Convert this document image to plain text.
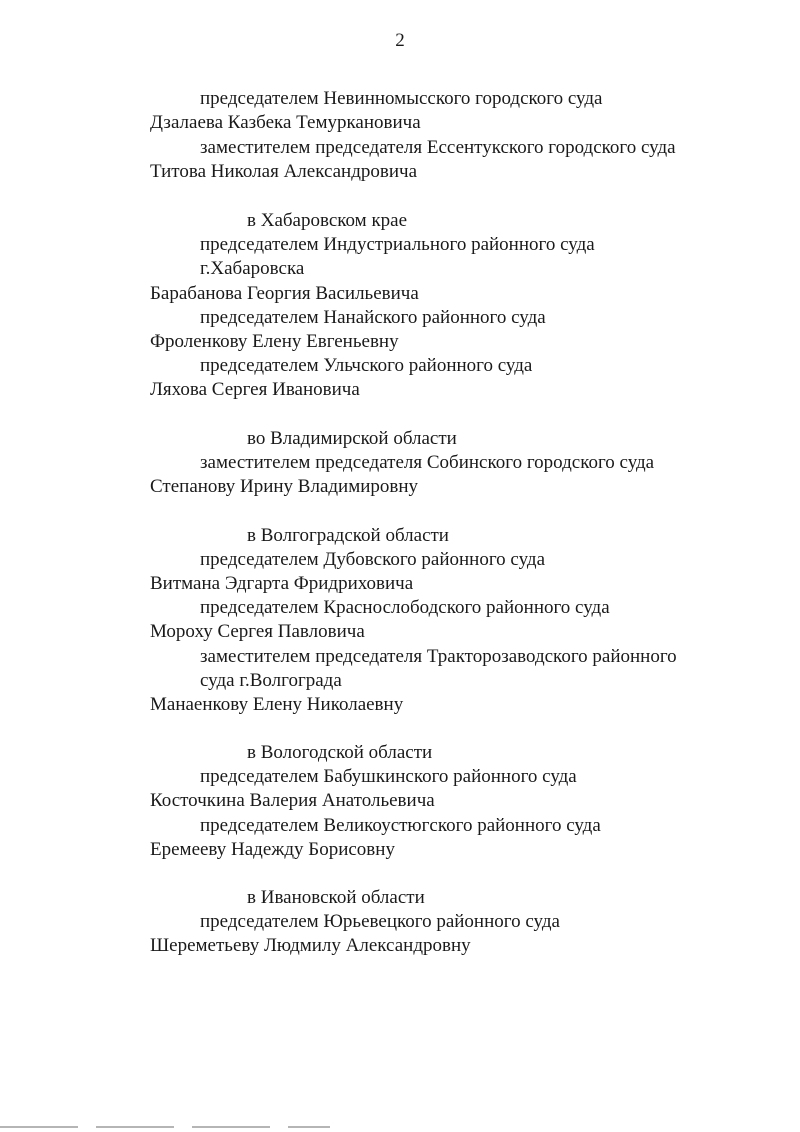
2
председателем Невинномысского городского суда
Дзалаева Казбека Темуркановича
заместителем председателя Ессентукского городского суда
Титова Николая Александровича
в Хабаровском крае
председателем Индустриального районного суда
г.Хабаровска
Барабанова Георгия Васильевича
председателем Нанайского районного суда
Фроленкову Елену Евгеньевну
председателем Ульчского районного суда
Ляхова Сергея Ивановича
во Владимирской области
заместителем председателя Собинского городского суда
Степанову Ирину Владимировну
в Волгоградской области
председателем Дубовского районного суда
Витмана Эдгарта Фридриховича
председателем Краснослободского районного суда
Мороху Сергея Павловича
заместителем председателя Тракторозаводского районного
суда г.Волгограда
Манаенкову Елену Николаевну
в Вологодской области
председателем Бабушкинского районного суда
Косточкина Валерия Анатольевича
председателем Великоустюгского районного суда
Еремееву Надежду Борисовну
в Ивановской области
председателем Юрьевецкого районного суда
Шереметьеву Людмилу Александровну
